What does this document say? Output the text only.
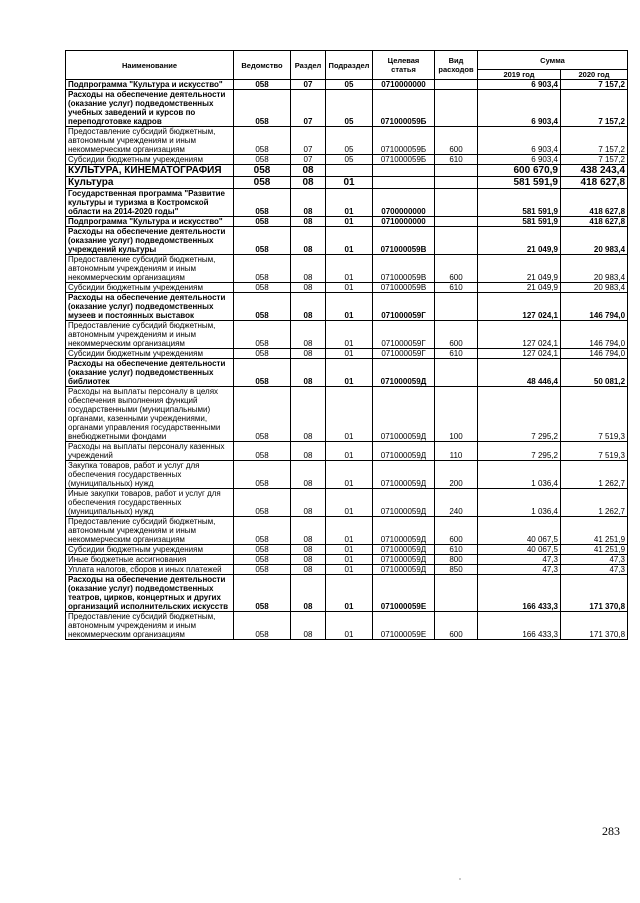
Наименование	Ведомство	Раздел	Подраздел	Целевая статья	Вид расходов	Сумма	
						2019 год	2020 год
Подпрограмма "Культура и искусство"	058	07	05	0710000000		6 903,4	7 157,2
Расходы на обеспечение деятельности (оказание услуг) подведомственных учебных заведений и курсов по переподготовке кадров	058	07	05	071000059Б		6 903,4	7 157,2
Предоставление субсидий бюджетным, автономным учреждениям и иным некоммерческим организациям	058	07	05	071000059Б	600	6 903,4	7 157,2
Субсидии бюджетным учреждениям	058	07	05	071000059Б	610	6 903,4	7 157,2
КУЛЬТУРА, КИНЕМАТОГРАФИЯ	058	08				600 670,9	438 243,4
Культура	058	08	01			581 591,9	418 627,8
Государственная программа "Развитие культуры и туризма в Костромской области на 2014-2020 годы"	058	08	01	0700000000		581 591,9	418 627,8
Подпрограмма "Культура и искусство"	058	08	01	0710000000		581 591,9	418 627,8
Расходы на обеспечение деятельности (оказание услуг) подведомственных учреждений культуры	058	08	01	071000059В		21 049,9	20 983,4
Предоставление субсидий бюджетным, автономным учреждениям и иным некоммерческим организациям	058	08	01	071000059В	600	21 049,9	20 983,4
Субсидии бюджетным учреждениям	058	08	01	071000059В	610	21 049,9	20 983,4
Расходы на обеспечение деятельности (оказание услуг) подведомственных музеев и постоянных выставок	058	08	01	071000059Г		127 024,1	146 794,0
Предоставление субсидий бюджетным, автономным учреждениям и иным некоммерческим организациям	058	08	01	071000059Г	600	127 024,1	146 794,0
Субсидии бюджетным учреждениям	058	08	01	071000059Г	610	127 024,1	146 794,0
Расходы на обеспечение деятельности (оказание услуг) подведомственных библиотек	058	08	01	071000059Д		48 446,4	50 081,2
Расходы на выплаты персоналу в целях обеспечения выполнения функций государственными (муниципальными) органами, казенными учреждениями, органами управления государственными внебюджетными фондами	058	08	01	071000059Д	100	7 295,2	7 519,3
Расходы на выплаты персоналу казенных учреждений	058	08	01	071000059Д	110	7 295,2	7 519,3
Закупка товаров, работ и услуг для обеспечения государственных (муниципальных) нужд	058	08	01	071000059Д	200	1 036,4	1 262,7
Иные закупки товаров, работ и услуг для обеспечения государственных (муниципальных) нужд	058	08	01	071000059Д	240	1 036,4	1 262,7
Предоставление субсидий бюджетным, автономным учреждениям и иным некоммерческим организациям	058	08	01	071000059Д	600	40 067,5	41 251,9
Субсидии бюджетным учреждениям	058	08	01	071000059Д	610	40 067,5	41 251,9
Иные бюджетные ассигнования	058	08	01	071000059Д	800	47,3	47,3
Уплата налогов, сборов и иных платежей	058	08	01	071000059Д	850	47,3	47,3
Расходы на обеспечение деятельности (оказание услуг) подведомственных театров, цирков, концертных и других организаций исполнительских искусств	058	08	01	071000059Е		166 433,3	171 370,8
Предоставление субсидий бюджетным, автономным учреждениям и иным некоммерческим организациям	058	08	01	071000059Е	600	166 433,3	171 370,8
283
